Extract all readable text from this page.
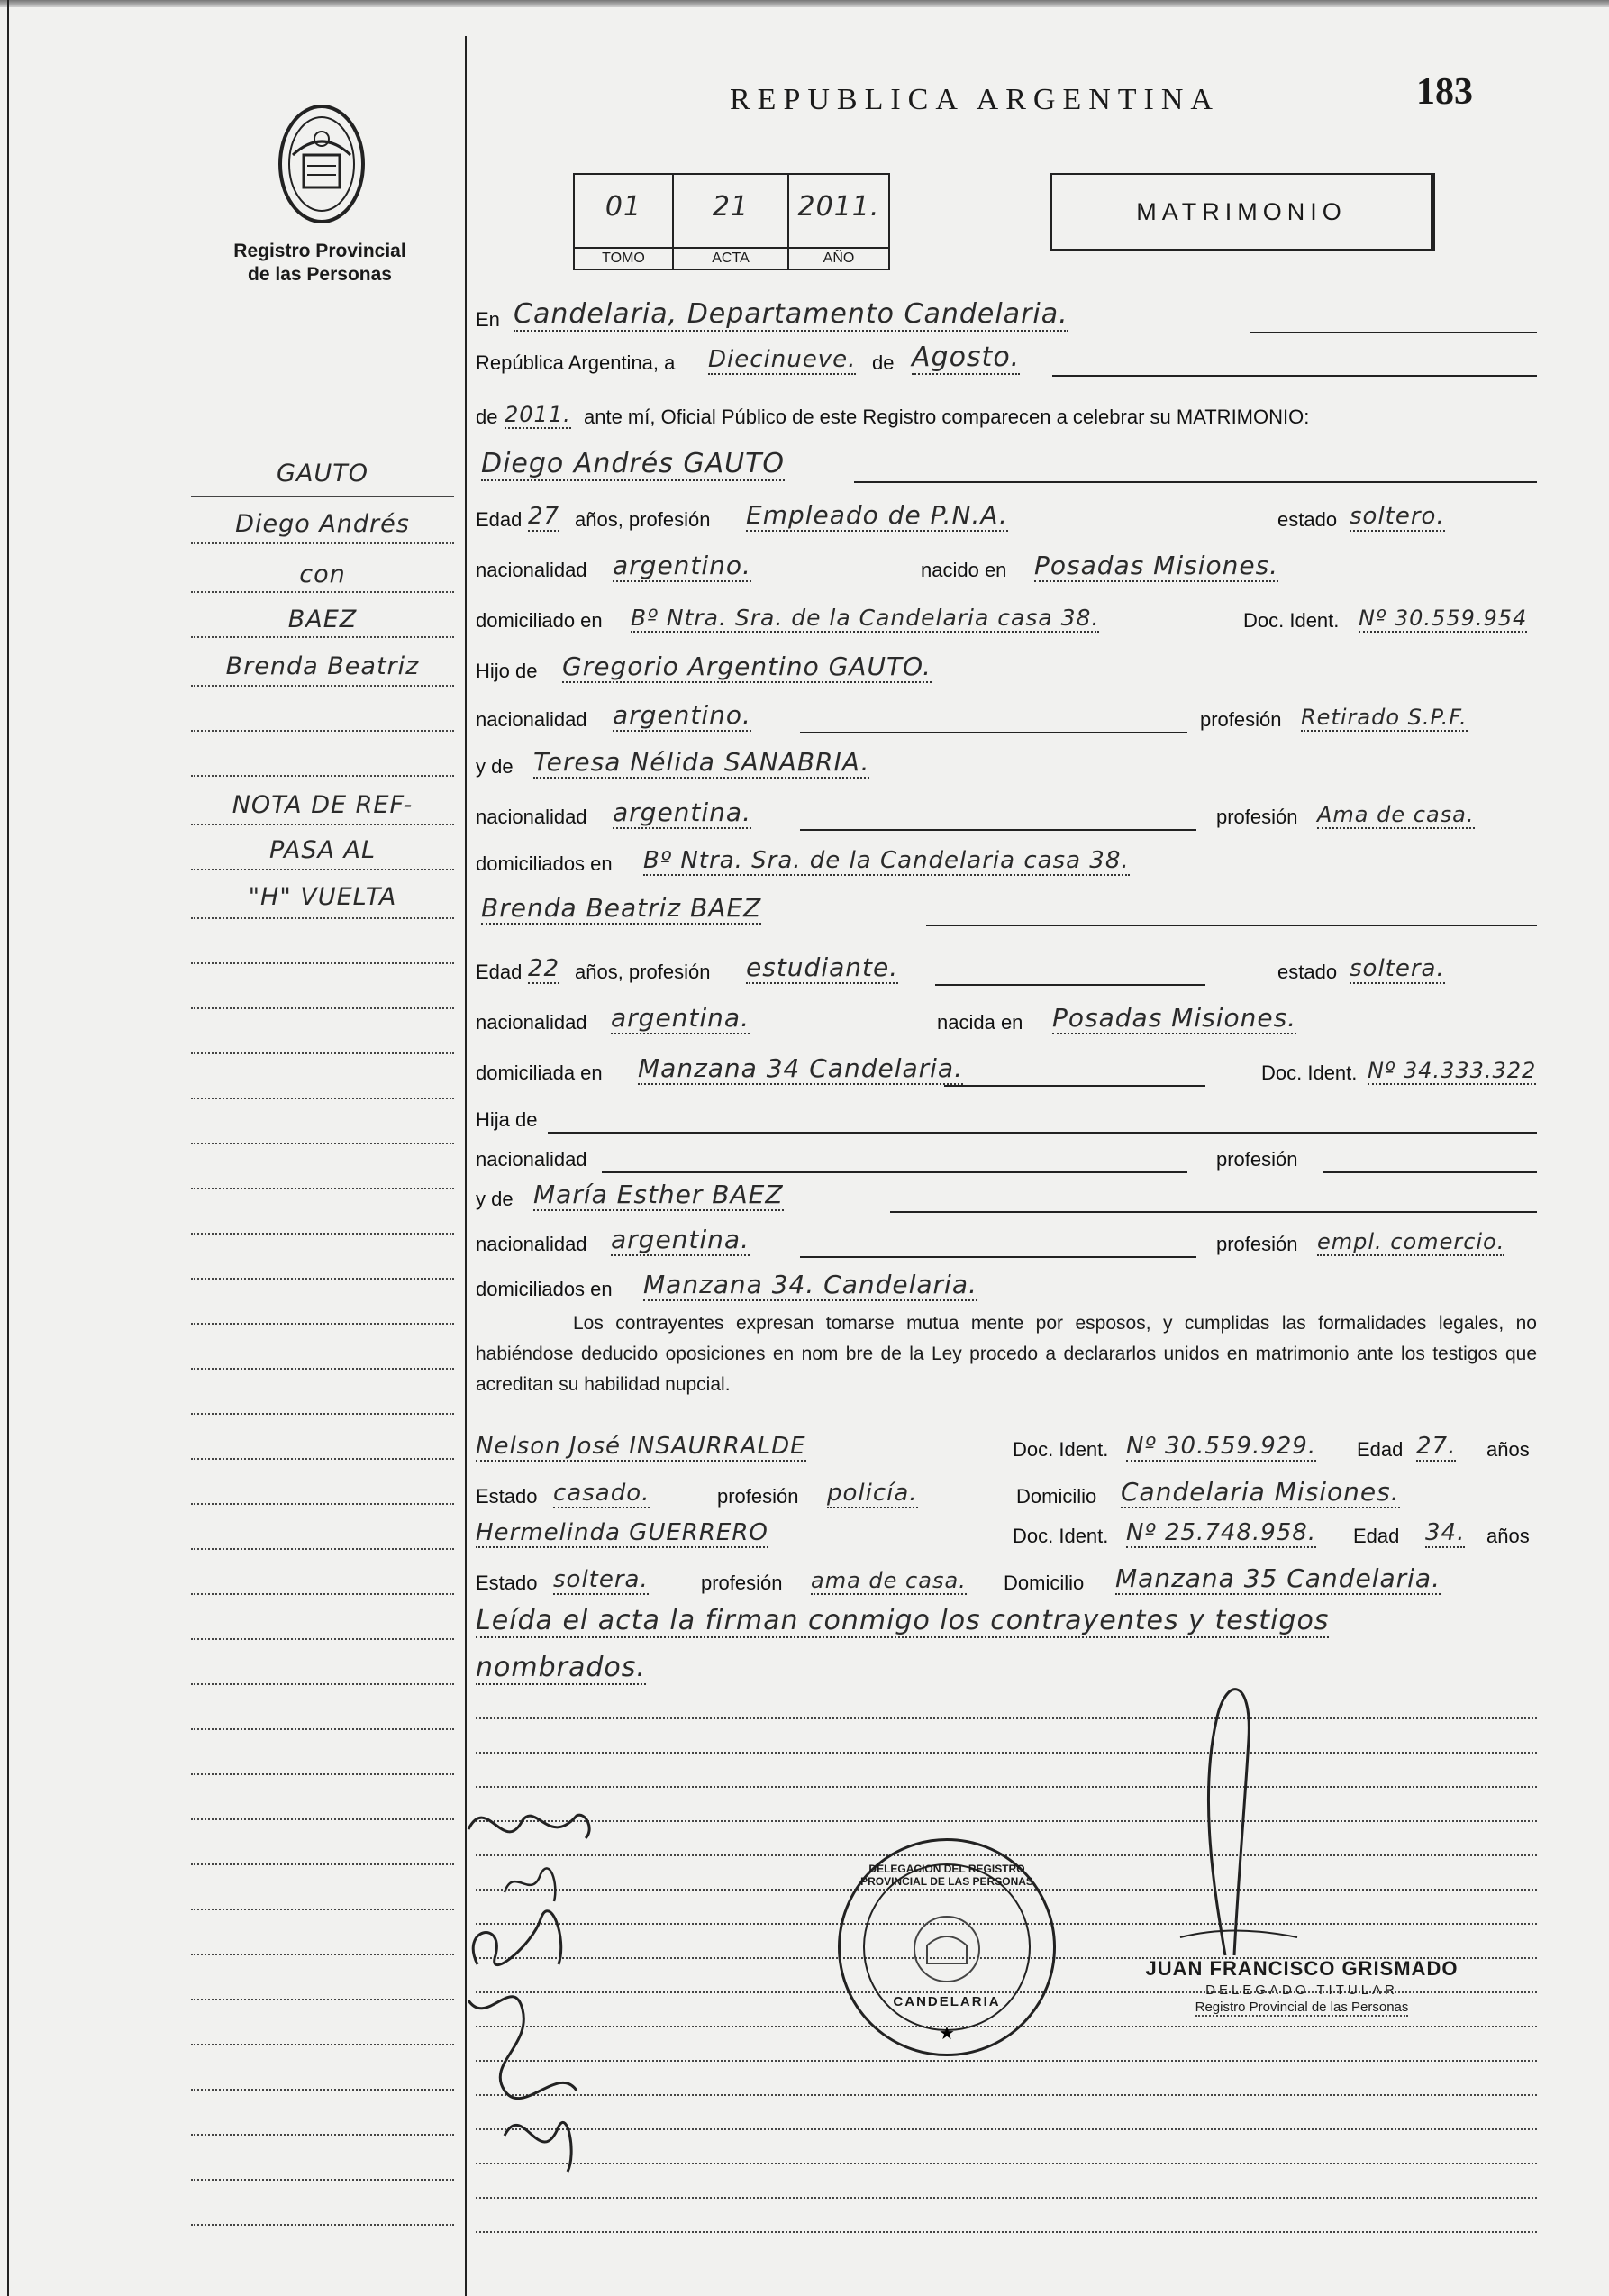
Registro Provincial
de las Personas
REPUBLICA ARGENTINA	183
01
TOMO
21
ACTA
2011.
AÑO
MATRIMONIO
En Candelaria, Departamento Candelaria.
República Argentina, a Diecinueve. de Agosto.
de 2011. ante mí, Oficial Público de este Registro comparecen a celebrar su MATRIMONIO:
GAUTO
Diego Andrés
con
BAEZ
Brenda Beatriz
NOTA DE REF-
PASA AL
"H" VUELTA
Diego Andrés GAUTO
Edad 27 años, profesión Empleado de P.N.A.	estado soltero.
nacionalidad argentino.	nacido en Posadas Misiones.
domiciliado en Bº Ntra. Sra. de la Candelaria casa 38.	Doc. Ident. Nº 30.559.954
Hijo de Gregorio Argentino GAUTO.
nacionalidad argentino.	profesión Retirado S.P.F.
y de Teresa Nélida SANABRIA.
nacionalidad argentina.	profesión Ama de casa.
domiciliados en Bº Ntra. Sra. de la Candelaria casa 38.
Brenda Beatriz BAEZ
Edad 22 años, profesión estudiante.	estado soltera.
nacionalidad argentina.	nacida en Posadas Misiones.
domiciliada en Manzana 34 Candelaria.	Doc. Ident. Nº 34.333.322
Hija de
nacionalidad	profesión
y de María Esther BAEZ
nacionalidad argentina.	profesión empl. comercio.
domiciliados en Manzana 34. Candelaria.
Los contrayentes expresan tomarse mutua mente por esposos, y cumplidas las formalidades legales, no habiéndose deducido oposiciones en nom bre de la Ley procedo a declararlos unidos en matrimonio ante los testigos que acreditan su habilidad nupcial.
Nelson José INSAURRALDE	Doc. Ident. Nº 30.559.929. Edad 27. años
Estado casado.	profesión policía.	Domicilio Candelaria Misiones.
Hermelinda GUERRERO	Doc. Ident. Nº 25.748.958. Edad 34. años
Estado soltera.	profesión ama de casa. Domicilio Manzana 35 Candelaria.
Leída el acta la firman conmigo los contrayentes y testigos
nombrados.
★
DELEGACION DEL REGISTRO PROVINCIAL DE LAS PERSONAS
CANDELARIA
JUAN FRANCISCO GRISMADO
DELEGADO TITULAR
Registro Provincial de las Personas
